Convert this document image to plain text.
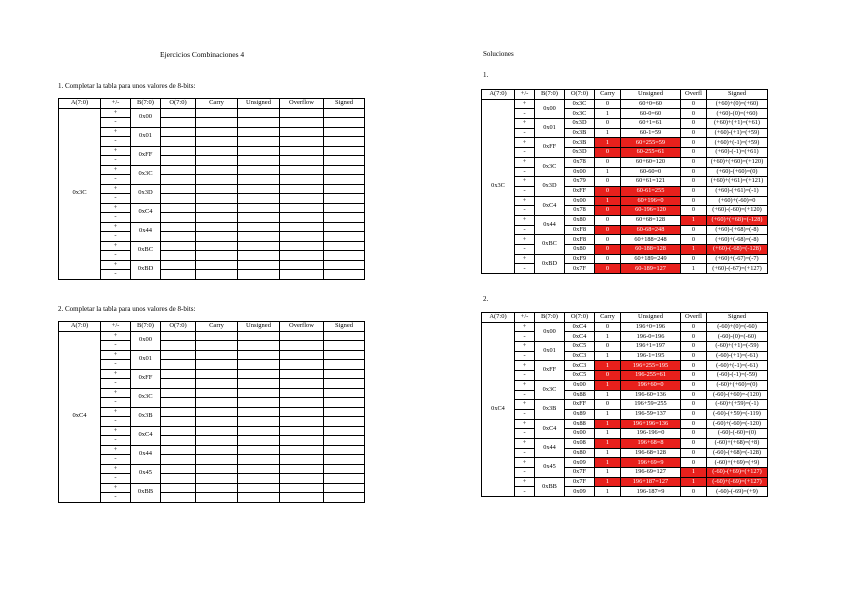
Ejercicios Combinaciones 4
1. Completar la tabla para unos valores de 8-bits:
2. Completar la tabla para unos valores de 8-bits:
Soluciones
1.
2.
A(7:0)	+/-	B(7:0)	O(7:0)	Carry	Unsigned	Overflow	Signed
0x3C	+	0x00					
	-						
	+	0x01					
	-						
	+	0xFF					
	-						
	+	0x3C					
	-						
	+	0x3D					
	-						
	+	0xC4					
	-						
	+	0x44					
	-						
	+	0xBC					
	-						
	+	0xBD					
	-						
A(7:0)	+/-	B(7:0)	O(7:0)	Carry	Unsigned	Overflow	Signed
0xC4	+	0x00					
	-						
	+	0x01					
	-						
	+	0xFF					
	-						
	+	0x3C					
	-						
	+	0x3B					
	-						
	+	0xC4					
	-						
	+	0x44					
	-						
	+	0x45					
	-						
	+	0xBB					
	-						
A(7:0)	+/-	B(7:0)	O(7:0)	Carry	Unsigned	Overfl	Signed
0x3C	+	0x00	0x3C	0	60+0=60	0	(+60)+(0)=(+60)
	-		0x3C	1	60-0=60	0	(+60)-(0)=(+60)
	+	0x01	0x3D	0	60+1=61	0	(+60)+(+1)=(+61)
	-		0x3B	1	60-1=59	0	(+60)-(+1)=(+59)
	+	0xFF	0x3B	1	60+255=59	0	(+60)+(-1)=(+59)
	-		0x3D	0	60-255=61	0	(+60)-(-1)=(+61)
	+	0x3C	0x78	0	60+60=120	0	(+60)+(+60)=(+120)
	-		0x00	1	60-60=0	0	(+60)-(+60)=(0)
	+	0x3D	0x79	0	60+61=121	0	(+60)+(+61)=(+121)
	-		0xFF	0	60-61=255	0	(+60)-(+61)=(-1)
	+	0xC4	0x00	1	60+196=0	0	(+60)+(-60)=0
	-		0x78	0	60-196=120	0	(+60)-(-60)=(+120)
	+	0x44	0x80	0	60+68=128	1	(+60)+(+68)=(-128)
	-		0xF8	0	60-68=248	0	(+60)-(+68)=(-8)
	+	0xBC	0xF8	0	60+188=248	0	(+60)+(-68)=(-8)
	-		0x80	0	60-188=128	1	(+60)-(-68)=(-128)
	+	0xBD	0xF9	0	60+189=249	0	(+60)+(-67)=(-7)
	-		0x7F	0	60-189=127	1	(+60)-(-67)=(+127)
A(7:0)	+/-	B(7:0)	O(7:0)	Carry	Unsigned	Overfl	Signed
0xC4	+	0x00	0xC4	0	196+0=196	0	(-60)+(0)=(-60)
	-		0xC4	1	196-0=196	0	(-60)-(0)=(-60)
	+	0x01	0xC5	0	196+1=197	0	(-60)+(+1)=(-59)
	-		0xC3	1	196-1=195	0	(-60)-(+1)=(-61)
	+	0xFF	0xC3	1	196+255=195	0	(-60)+(-1)=(-61)
	-		0xC5	0	196-255=61	0	(-60)-(-1)=(-59)
	+	0x3C	0x00	1	196+60=0	0	(-60)+(+60)=(0)
	-		0x88	1	196-60=136	0	(-60)-(+60)=-(120)
	+	0x3B	0xFF	0	196+59=255	0	(-60)+(+59)=(-1)
	-		0x89	1	196-59=137	0	(-60)-(+59)=(-119)
	+	0xC4	0x88	1	196+196=136	0	(-60)+(-60)=(-120)
	-		0x00	1	196-196=0	0	(-60)-(-60)=(0)
	+	0x44	0x08	1	196+68=8	0	(-60)+(+68)=(+8)
	-		0x80	1	196-68=128	0	(-60)-(+68)=(-128)
	+	0x45	0x09	1	196+69=9	0	(-60)+(+69)=(+9)
	-		0x7F	1	196-69=127	1	(-60)-(+69)=(+127)
	+	0xBB	0x7F	1	196+187=127	1	(-60)+(-69)=(+127)
	-		0x09	1	196-187=9	0	(-60)-(-69)=(+9)
